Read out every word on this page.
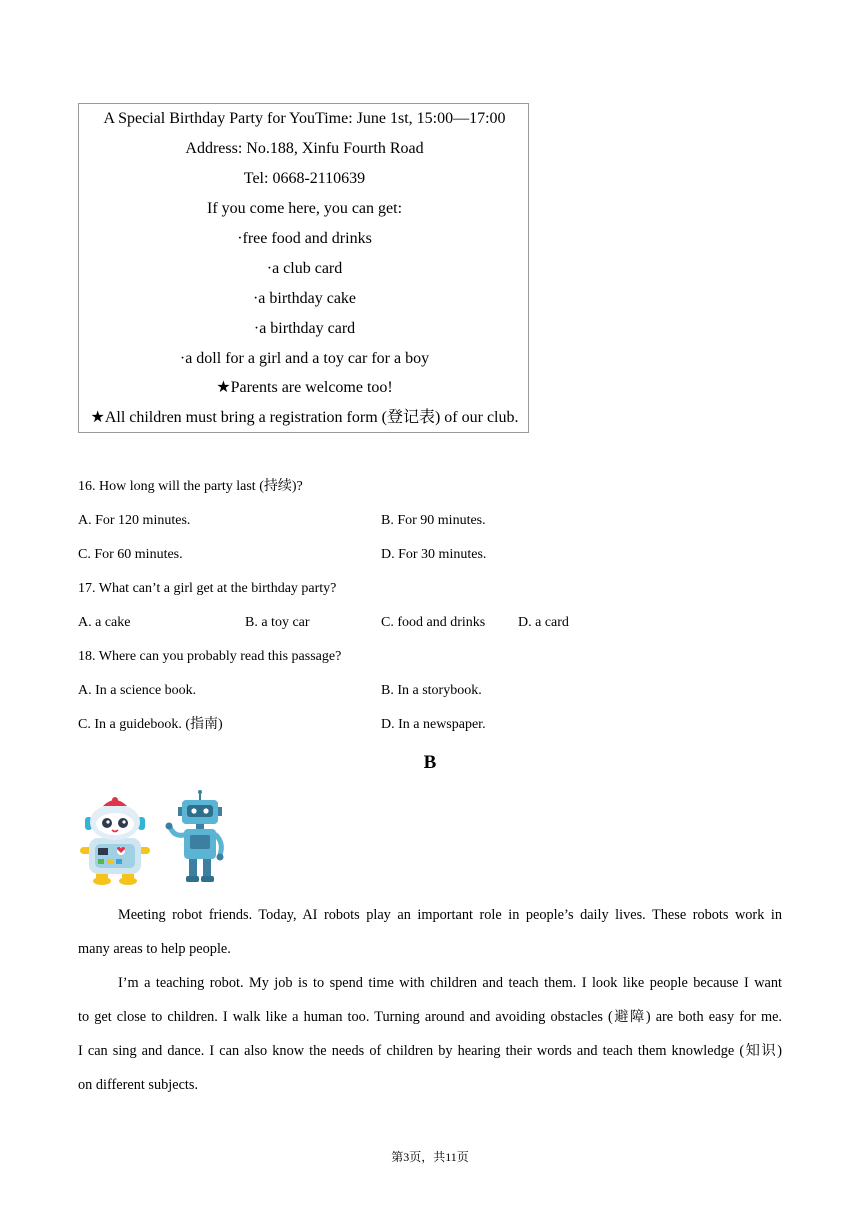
A Special Birthday Party for YouTime: June 1st, 15:00—17:00
Address: No.188, Xinfu Fourth Road
Tel: 0668-2110639
If you come here, you can get:
·free food and drinks
·a club card
·a birthday cake
·a birthday card
·a doll for a girl and a toy car for a boy
★Parents are welcome too!
★All children must bring a registration form (登记表) of our club.
16. How long will the party last (持续)?
A. For 120 minutes.	B. For 90 minutes.
C. For 60 minutes.	D. For 30 minutes.
17. What can’t a girl get at the birthday party?
A. a cake	B. a toy car	C. food and drinks D. a card
18. Where can you probably read this passage?
A. In a science book.	B. In a storybook.
C. In a guidebook. (指南)	D. In a newspaper.
B
Meeting robot friends. Today, AI robots play an important role in people’s daily lives. These robots work in
many areas to help people.
I’m a teaching robot. My job is to spend time with children and teach them. I look like people because I want
to get close to children. I walk like a human too. Turning around and avoiding obstacles (避障) are both easy for me.
I can sing and dance. I can also know the needs of children by hearing their words and teach them knowledge (知识)
on different subjects.
第3页，共11页
